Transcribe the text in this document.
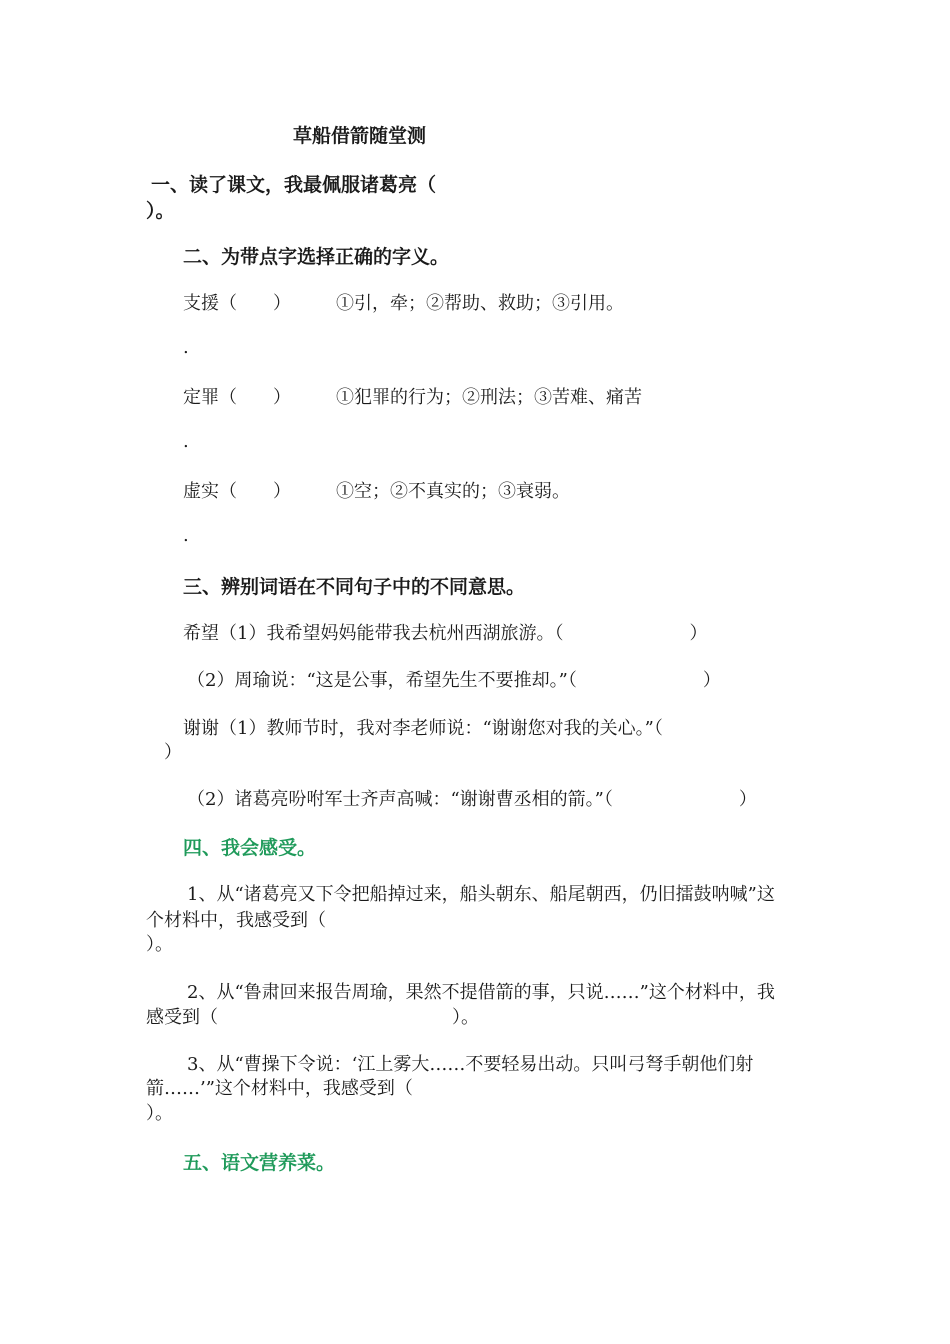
草船借箭随堂测
一、读了课文，我最佩服诸葛亮（
）。
二、为带点字选择正确的字义。
支援（　　）	①引，牵；②帮助、救助；③引用。
.
定罪（　　）	①犯罪的行为；②刑法；③苦难、痛苦
.
虚实（　　）	①空；②不真实的；③衰弱。
.
三、辨别词语在不同句子中的不同意思。
希望（1）我希望妈妈能带我去杭州西湖旅游。（　　　　　　　）
（2）周瑜说：“这是公事，希望先生不要推却。”（　　　　　　　）
谢谢（1）教师节时，我对李老师说：“谢谢您对我的关心。”（
）
（2）诸葛亮吩咐军士齐声高喊：“谢谢曹丞相的箭。”（　　　　　　　）
四、我会感受。
1、从“诸葛亮又下令把船掉过来，船头朝东、船尾朝西，仍旧擂鼓呐喊”这
个材料中，我感受到（
）。
2、从“鲁肃回来报告周瑜，果然不提借箭的事，只说……”这个材料中，我
感受到（　　　　　　　　　　　　　）。
3、从“曹操下令说：‘江上雾大……不要轻易出动。只叫弓弩手朝他们射
箭……’”这个材料中，我感受到（
）。
五、语文营养菜。
